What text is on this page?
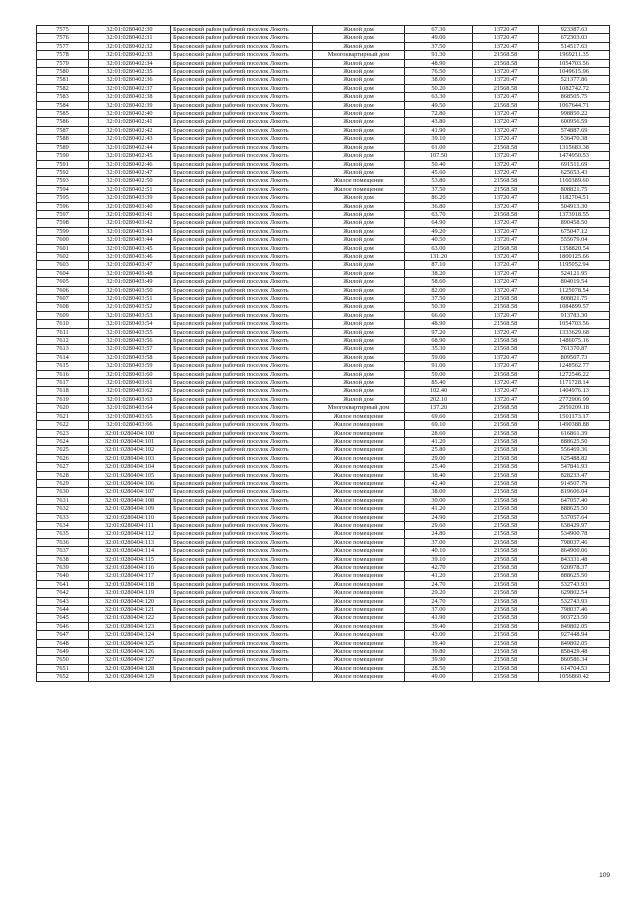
7575	32:01:0280402:30	Брасовский район рабочий поселок Локоть	Жилой дом	67.30	13720.47	923387.63
7576	32:01:0280402:31	Брасовский район рабочий поселок Локоть	Жилой дом	49.00	13720.47	672303.03
7577	32:01:0280402:32	Брасовский район рабочий поселок Локоть	Жилой дом	37.50	13720.47	514517.63
7578	32:01:0280402:33	Брасовский район рабочий поселок Локоть	Многоквартирный дом	91.30	21568.58	1969211.35
7579	32:01:0280402:34	Брасовский район рабочий поселок Локоть	Жилой дом	48.90	21568.58	1054703.56
7580	32:01:0280402:35	Брасовский район рабочий поселок Локоть	Жилой дом	76.50	13720.47	1049615.96
7581	32:01:0280402:36	Брасовский район рабочий поселок Локоть	Жилой дом	38.00	13720.47	521377.86
7582	32:01:0280402:37	Брасовский район рабочий поселок Локоть	Жилой дом	50.20	21568.58	1082742.72
7583	32:01:0280402:38	Брасовский район рабочий поселок Локоть	Жилой дом	63.30	13720.47	868505.75
7584	32:01:0280402:39	Брасовский район рабочий поселок Локоть	Жилой дом	49.50	21568.58	1067644.71
7585	32:01:0280402:40	Брасовский район рабочий поселок Локоть	Жилой дом	72.80	13720.47	998850.22
7586	32:01:0280402:41	Брасовский район рабочий поселок Локоть	Жилой дом	43.80	13720.47	600956.59
7587	32:01:0280402:42	Брасовский район рабочий поселок Локоть	Жилой дом	41.90	13720.47	574887.69
7588	32:01:0280402:43	Брасовский район рабочий поселок Локоть	Жилой дом	39.10	13720.47	536470.38
7589	32:01:0280402:44	Брасовский район рабочий поселок Локоть	Жилой дом	61.00	21568.58	1315683.38
7590	32:01:0280402:45	Брасовский район рабочий поселок Локоть	Жилой дом	107.50	13720.47	1474950.53
7591	32:01:0280402:46	Брасовский район рабочий поселок Локоть	Жилой дом	50.40	13720.47	691511.69
7592	32:01:0280402:47	Брасовский район рабочий поселок Локоть	Жилой дом	45.60	13720.47	625653.43
7593	32:01:0280402:50	Брасовский район рабочий поселок Локоть	Жилое помещение	53.80	21568.58	1160389.60
7594	32:01:0280402:51	Брасовский район рабочий поселок Локоть	Жилое помещение	37.50	21568.58	808821.75
7595	32:01:0280403:39	Брасовский район рабочий поселок Локоть	Жилой дом	86.20	13720.47	1182704.51
7596	32:01:0280403:40	Брасовский район рабочий поселок Локоть	Жилой дом	36.80	13720.47	504913.30
7597	32:01:0280403:41	Брасовский район рабочий поселок Локоть	Жилой дом	63.70	21568.58	1373918.55
7598	32:01:0280403:42	Брасовский район рабочий поселок Локоть	Жилой дом	64.90	13720.47	890458.50
7599	32:01:0280403:43	Брасовский район рабочий поселок Локоть	Жилой дом	49.20	13720.47	675047.12
7600	32:01:0280403:44	Брасовский район рабочий поселок Локоть	Жилой дом	40.50	13720.47	555679.04
7601	32:01:0280403:45	Брасовский район рабочий поселок Локоть	Жилой дом	63.00	21568.58	1358820.54
7602	32:01:0280403:46	Брасовский район рабочий поселок Локоть	Жилой дом	131.20	13720.47	1800125.66
7603	32:01:0280403:47	Брасовский район рабочий поселок Локоть	Жилой дом	87.10	13720.47	1195052.94
7604	32:01:0280403:48	Брасовский район рабочий поселок Локоть	Жилой дом	38.20	13720.47	524121.95
7605	32:01:0280403:49	Брасовский район рабочий поселок Локоть	Жилой дом	58.60	13720.47	804019.54
7606	32:01:0280403:50	Брасовский район рабочий поселок Локоть	Жилой дом	82.00	13720.47	1125078.54
7607	32:01:0280403:51	Брасовский район рабочий поселок Локоть	Жилой дом	37.50	21568.58	808821.75
7608	32:01:0280403:52	Брасовский район рабочий поселок Локоть	Жилой дом	50.30	21568.58	1084899.57
7609	32:01:0280403:53	Брасовский район рабочий поселок Локоть	Жилой дом	66.60	13720.47	913783.30
7610	32:01:0280403:54	Брасовский район рабочий поселок Локоть	Жилой дом	48.90	21568.58	1054703.56
7611	32:01:0280403:55	Брасовский район рабочий поселок Локоть	Жилой дом	97.20	13720.47	1333629.68
7612	32:01:0280403:56	Брасовский район рабочий поселок Локоть	Жилой дом	68.90	21568.58	1486075.16
7613	32:01:0280403:57	Брасовский район рабочий поселок Локоть	Жилой дом	35.30	21568.58	761370.87
7614	32:01:0280403:58	Брасовский район рабочий поселок Локоть	Жилой дом	59.00	13720.47	809507.73
7615	32:01:0280403:59	Брасовский район рабочий поселок Локоть	Жилой дом	91.00	13720.47	1248562.77
7616	32:01:0280403:60	Брасовский район рабочий поселок Локоть	Жилой дом	59.00	21568.58	1272546.22
7617	32:01:0280403:61	Брасовский район рабочий поселок Локоть	Жилой дом	85.40	13720.47	1171728.14
7618	32:01:0280403:62	Брасовский район рабочий поселок Локоть	Жилой дом	102.40	13720.47	1404976.13
7619	32:01:0280403:63	Брасовский район рабочий поселок Локоть	Жилой дом	202.10	13720.47	2772906.99
7620	32:01:0280403:64	Брасовский район рабочий поселок Локоть	Многоквартирный дом	137.20	21568.58	2959209.18
7621	32:01:0280403:65	Брасовский район рабочий поселок Локоть	Жилое помещение	69.60	21568.58	1501173.17
7622	32:01:0280403:66	Брасовский район рабочий поселок Локоть	Жилое помещение	69.10	21568.58	1490388.88
7623	32:01:0280404:100	Брасовский район рабочий поселок Локоть	Жилое помещение	28.60	21568.58	616861.39
7624	32:01:0280404:101	Брасовский район рабочий поселок Локоть	Жилое помещение	41.20	21568.58	888625.50
7625	32:01:0280404:102	Брасовский район рабочий поселок Локоть	Жилое помещение	25.80	21568.58	556469.36
7626	32:01:0280404:103	Брасовский район рабочий поселок Локоть	Жилое помещение	29.00	21568.58	625488.82
7627	32:01:0280404:104	Брасовский район рабочий поселок Локоть	Жилое помещение	25.40	21568.58	547841.93
7628	32:01:0280404:105	Брасовский район рабочий поселок Локоть	Жилое помещение	38.40	21568.58	828233.47
7629	32:01:0280404:106	Брасовский район рабочий поселок Локоть	Жилое помещение	42.40	21568.58	914507.79
7630	32:01:0280404:107	Брасовский район рабочий поселок Локоть	Жилое помещение	38.00	21568.58	819606.04
7631	32:01:0280404:108	Брасовский район рабочий поселок Локоть	Жилое помещение	30.00	21568.58	647057.40
7632	32:01:0280404:109	Брасовский район рабочий поселок Локоть	Жилое помещение	41.20	21568.58	888625.50
7633	32:01:0280404:110	Брасовский район рабочий поселок Локоть	Жилое помещение	24.90	21568.58	537057.64
7634	32:01:0280404:111	Брасовский район рабочий поселок Локоть	Жилое помещение	29.60	21568.58	638429.97
7635	32:01:0280404:112	Брасовский район рабочий поселок Локоть	Жилое помещение	24.80	21568.58	534900.78
7636	32:01:0280404:113	Брасовский район рабочий поселок Локоть	Жилое помещение	37.00	21568.58	798037.46
7637	32:01:0280404:114	Брасовский район рабочий поселок Локоть	Жилое помещение	40.10	21568.58	864900.06
7638	32:01:0280404:115	Брасовский район рабочий поселок Локоть	Жилое помещение	39.10	21568.58	843331.48
7639	32:01:0280404:116	Брасовский район рабочий поселок Локоть	Жилое помещение	42.70	21568.58	920978.37
7640	32:01:0280404:117	Брасовский район рабочий поселок Локоть	Жилое помещение	41.20	21568.58	888625.50
7641	32:01:0280404:118	Брасовский район рабочий поселок Локоть	Жилое помещение	24.70	21568.58	532743.93
7642	32:01:0280404:119	Брасовский район рабочий поселок Локоть	Жилое помещение	29.20	21568.58	629802.54
7643	32:01:0280404:120	Брасовский район рабочий поселок Локоть	Жилое помещение	24.70	21568.58	532743.93
7644	32:01:0280404:121	Брасовский район рабочий поселок Локоть	Жилое помещение	37.00	21568.58	798037.46
7645	32:01:0280404:122	Брасовский район рабочий поселок Локоть	Жилое помещение	41.90	21568.58	903723.50
7646	32:01:0280404:123	Брасовский район рабочий поселок Локоть	Жилое помещение	39.40	21568.58	849802.05
7647	32:01:0280404:124	Брасовский район рабочий поселок Локоть	Жилое помещение	43.00	21568.58	927448.94
7648	32:01:0280404:125	Брасовский район рабочий поселок Локоть	Жилое помещение	39.40	21568.58	849802.05
7649	32:01:0280404:126	Брасовский район рабочий поселок Локоть	Жилое помещение	39.80	21568.58	858429.48
7650	32:01:0280404:127	Брасовский район рабочий поселок Локоть	Жилое помещение	39.90	21568.58	860586.34
7651	32:01:0280404:128	Брасовский район рабочий поселок Локоть	Жилое помещение	28.50	21568.58	614704.53
7652	32:01:0280404:129	Брасовский район рабочий поселок Локоть	Жилое помещение	49.00	21568.58	1056860.42
109
